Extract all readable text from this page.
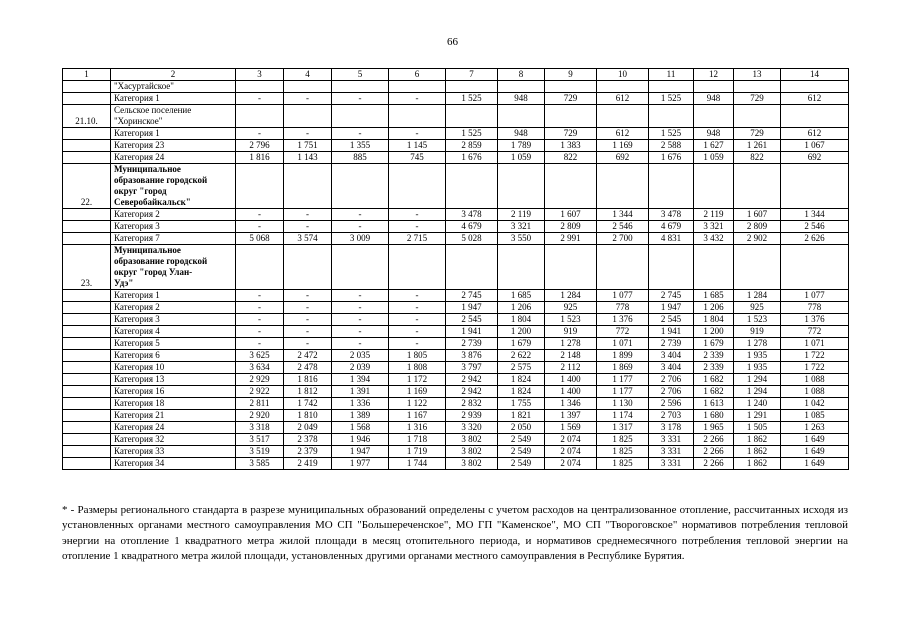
66
1	2	3	4	5	6	7	8	9	10	11	12	13	14

	"Хасуртайское"												

	Категория 1	-	-	-	-	1 525	948	729	612	1 525	948	729	612
21.10.	Сельское поселение
"Хоринское"												

	Категория 1	-	-	-	-	1 525	948	729	612	1 525	948	729	612
	Категория 23	2 796	1 751	1 355	1 145	2 859	1 789	1 383	1 169	2 588	1 627	1 261	1 067
	Категория 24	1 816	1 143	885	745	1 676	1 059	822	692	1 676	1 059	822	692
22.	Муниципальное
образование городской
округ "город
Северобайкальск"												

	Категория 2	-	-	-	-	3 478	2 119	1 607	1 344	3 478	2 119	1 607	1 344
	Категория 3	-	-	-	-	4 679	3 321	2 809	2 546	4 679	3 321	2 809	2 546
	Категория 7	5 068	3 574	3 009	2 715	5 028	3 550	2 991	2 700	4 831	3 432	2 902	2 626
23.	Муниципальное
образование городской
округ "город Улан-
Удэ"												

	Категория 1	-	-	-	-	2 745	1 685	1 284	1 077	2 745	1 685	1 284	1 077
	Категория 2	-	-	-	-	1 947	1 206	925	778	1 947	1 206	925	778
	Категория 3	-	-	-	-	2 545	1 804	1 523	1 376	2 545	1 804	1 523	1 376
	Категория 4	-	-	-	-	1 941	1 200	919	772	1 941	1 200	919	772
	Категория 5	-	-	-	-	2 739	1 679	1 278	1 071	2 739	1 679	1 278	1 071
	Категория 6	3 625	2 472	2 035	1 805	3 876	2 622	2 148	1 899	3 404	2 339	1 935	1 722
	Категория 10	3 634	2 478	2 039	1 808	3 797	2 575	2 112	1 869	3 404	2 339	1 935	1 722
	Категория 13	2 929	1 816	1 394	1 172	2 942	1 824	1 400	1 177	2 706	1 682	1 294	1 088
	Категория 16	2 922	1 812	1 391	1 169	2 942	1 824	1 400	1 177	2 706	1 682	1 294	1 088
	Категория 18	2 811	1 742	1 336	1 122	2 832	1 755	1 346	1 130	2 596	1 613	1 240	1 042
	Категория 21	2 920	1 810	1 389	1 167	2 939	1 821	1 397	1 174	2 703	1 680	1 291	1 085
	Категория 24	3 318	2 049	1 568	1 316	3 320	2 050	1 569	1 317	3 178	1 965	1 505	1 263
	Категория 32	3 517	2 378	1 946	1 718	3 802	2 549	2 074	1 825	3 331	2 266	1 862	1 649
	Категория 33	3 519	2 379	1 947	1 719	3 802	2 549	2 074	1 825	3 331	2 266	1 862	1 649
	Категория 34	3 585	2 419	1 977	1 744	3 802	2 549	2 074	1 825	3 331	2 266	1 862	1 649
* - Размеры регионального стандарта в разрезе муниципальных образований определены с учетом расходов на централизованное отопление, рассчитанных исходя из установленных органами местного самоуправления МО СП "Большереченское", МО ГП "Каменское", МО СП "Твороговское" нормативов потребления тепловой энергии на отопление 1 квадратного метра жилой площади в месяц отопительного периода, и нормативов среднемесячного потребления тепловой энергии на отопление 1 квадратного метра жилой площади, установленных другими органами местного самоуправления в Республике Бурятия.
